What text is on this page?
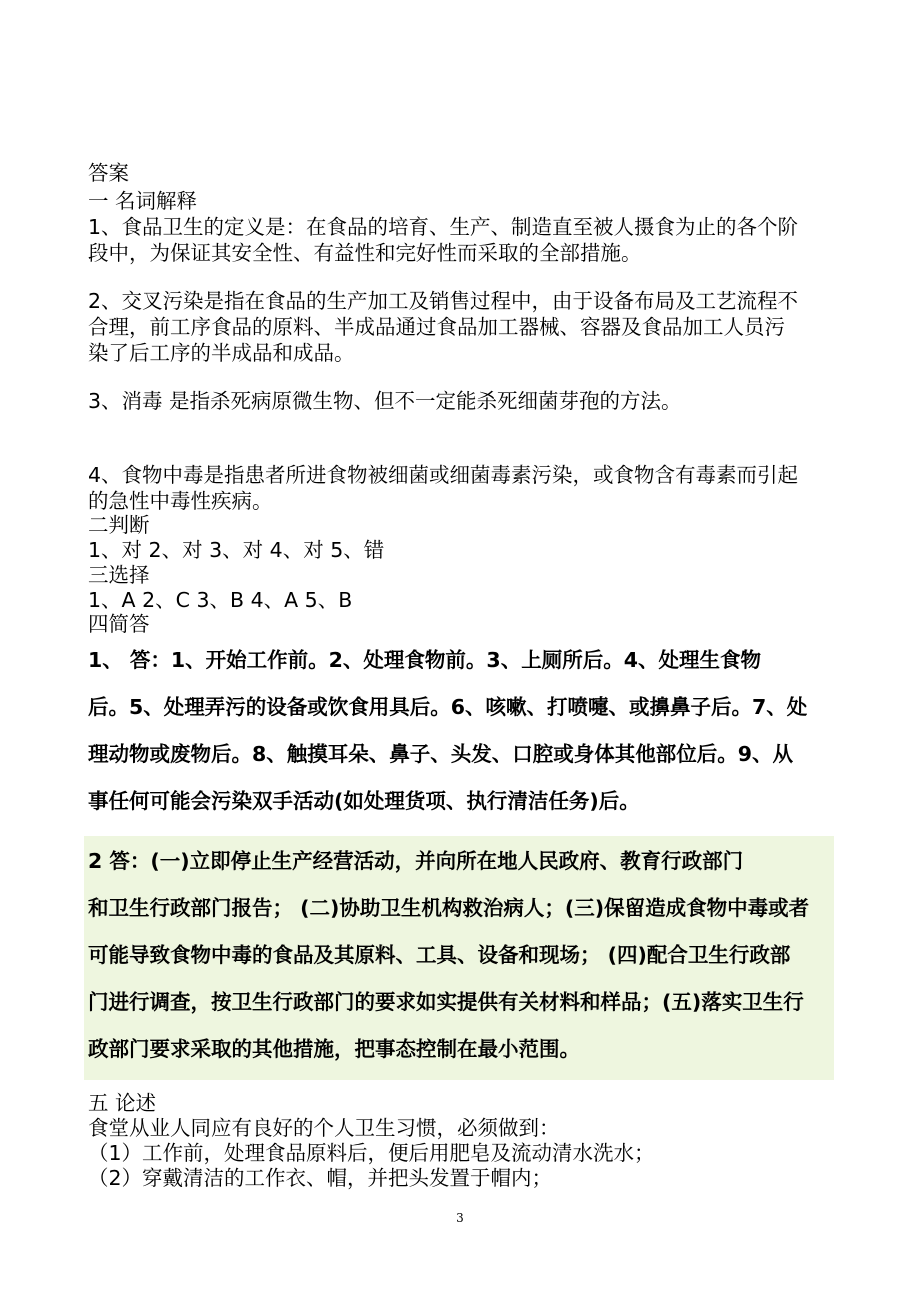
答案
一 名词解释
1、食品卫生的定义是：在食品的培育、生产、制造直至被人摄食为止的各个阶
段中，为保证其安全性、有益性和完好性而采取的全部措施。
2、交叉污染是指在食品的生产加工及销售过程中，由于设备布局及工艺流程不
合理，前工序食品的原料、半成品通过食品加工器械、容器及食品加工人员污
染了后工序的半成品和成品。
3、消毒 是指杀死病原微生物、但不一定能杀死细菌芽孢的方法。
4、食物中毒是指患者所进食物被细菌或细菌毒素污染，或食物含有毒素而引起
的急性中毒性疾病。
二判断
1、对 2、对 3、对 4、对 5、错
三选择
1、A 2、C 3、B 4、A 5、B
四简答
1、 答：1、开始工作前。2、处理食物前。3、上厕所后。4、处理生食物
后。5、处理弄污的设备或饮食用具后。6、咳嗽、打喷嚏、或擤鼻子后。7、处
理动物或废物后。8、触摸耳朵、鼻子、头发、口腔或身体其他部位后。9、从
事任何可能会污染双手活动(如处理货项、执行清洁任务)后。
2 答：(一)立即停止生产经营活动，并向所在地人民政府、教育行政部门
和卫生行政部门报告； (二)协助卫生机构救治病人；(三)保留造成食物中毒或者
可能导致食物中毒的食品及其原料、工具、设备和现场； (四)配合卫生行政部
门进行调查，按卫生行政部门的要求如实提供有关材料和样品；(五)落实卫生行
政部门要求采取的其他措施，把事态控制在最小范围。
五 论述
食堂从业人同应有良好的个人卫生习惯，必须做到：
（1）工作前，处理食品原料后，便后用肥皂及流动清水洗水；
（2）穿戴清洁的工作衣、帽，并把头发置于帽内；
3
